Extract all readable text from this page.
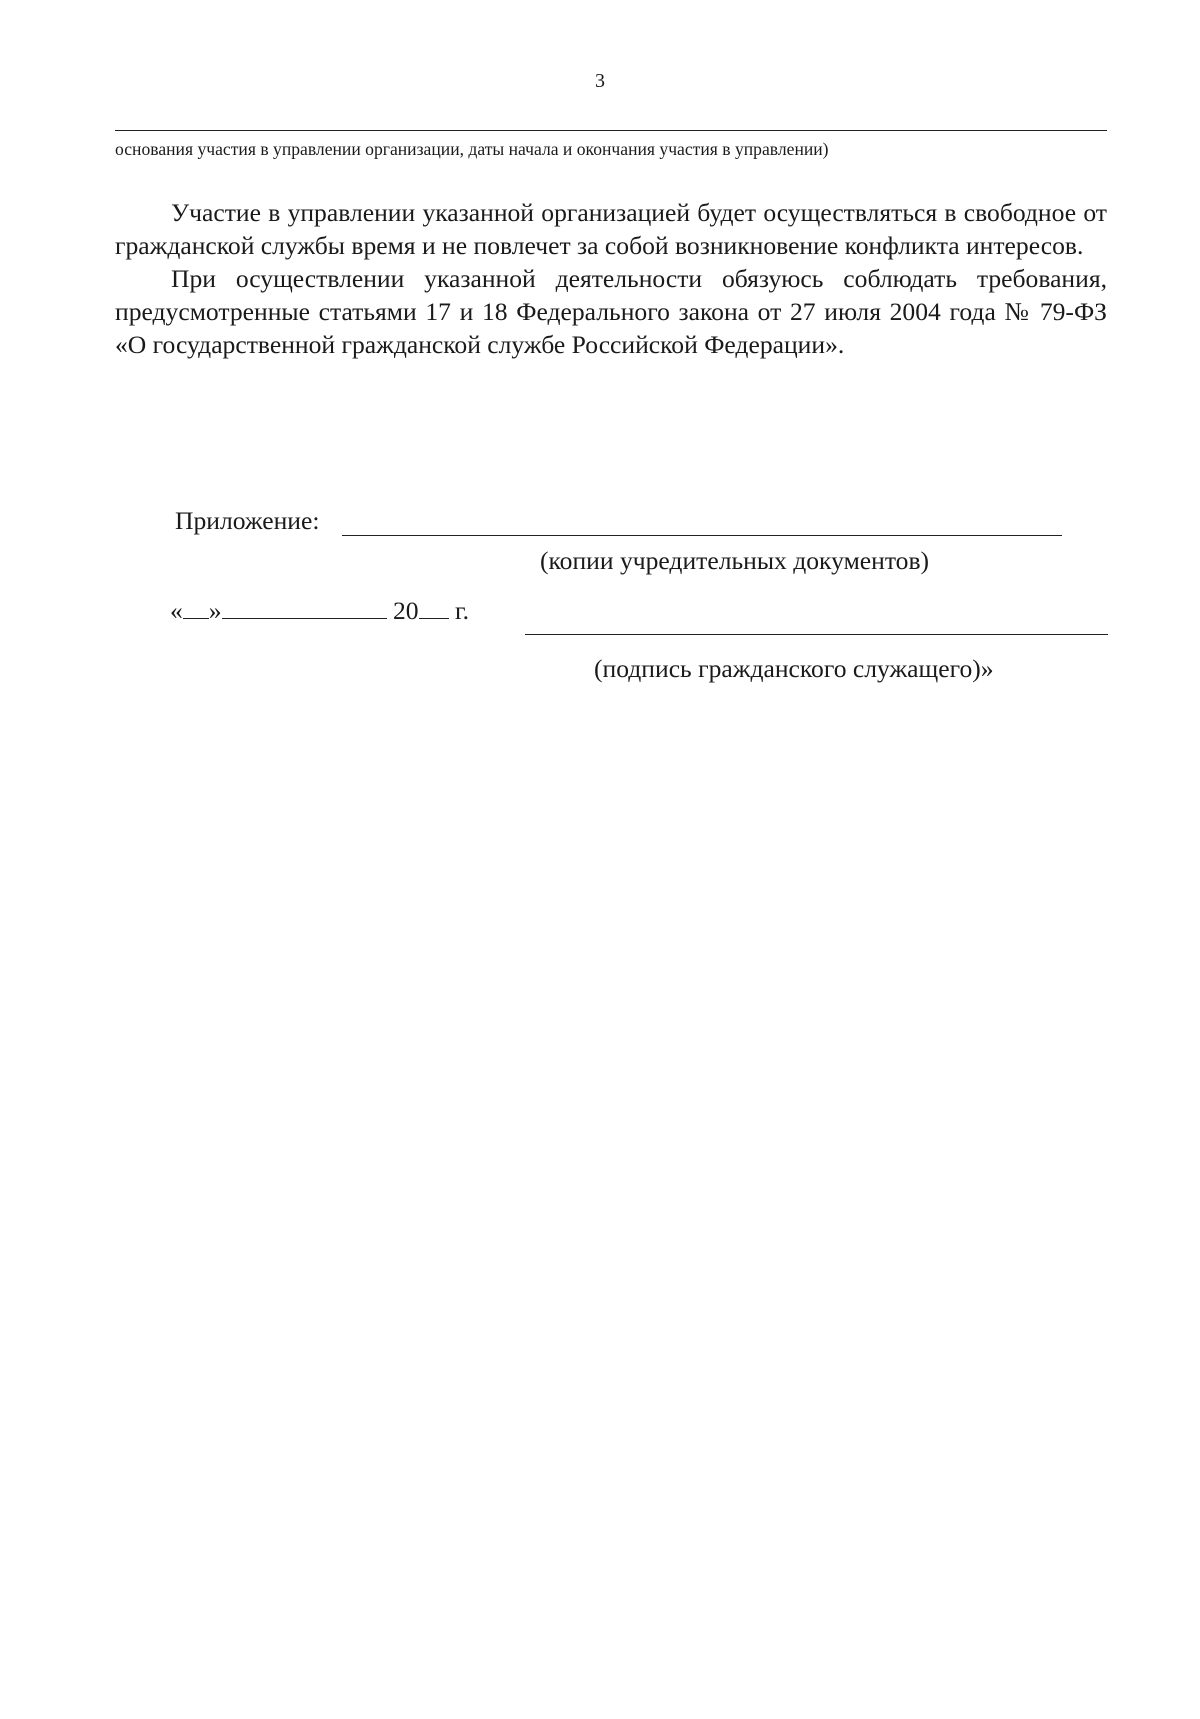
3
основания участия в управлении организации, даты начала и окончания участия в управлении)

Участие в управлении указанной организацией будет осуществляться в свободное от гражданской службы время и не повлечет за собой возникновение конфликта интересов.

При осуществлении указанной деятельности обязуюсь соблюдать требования, предусмотренные статьями 17 и 18 Федерального закона от 27 июля 2004 года № 79-ФЗ «О государственной гражданской службе Российской Федерации».

Приложение:
(копии учредительных документов)
« »	20 г.
(подпись гражданского служащего)»
